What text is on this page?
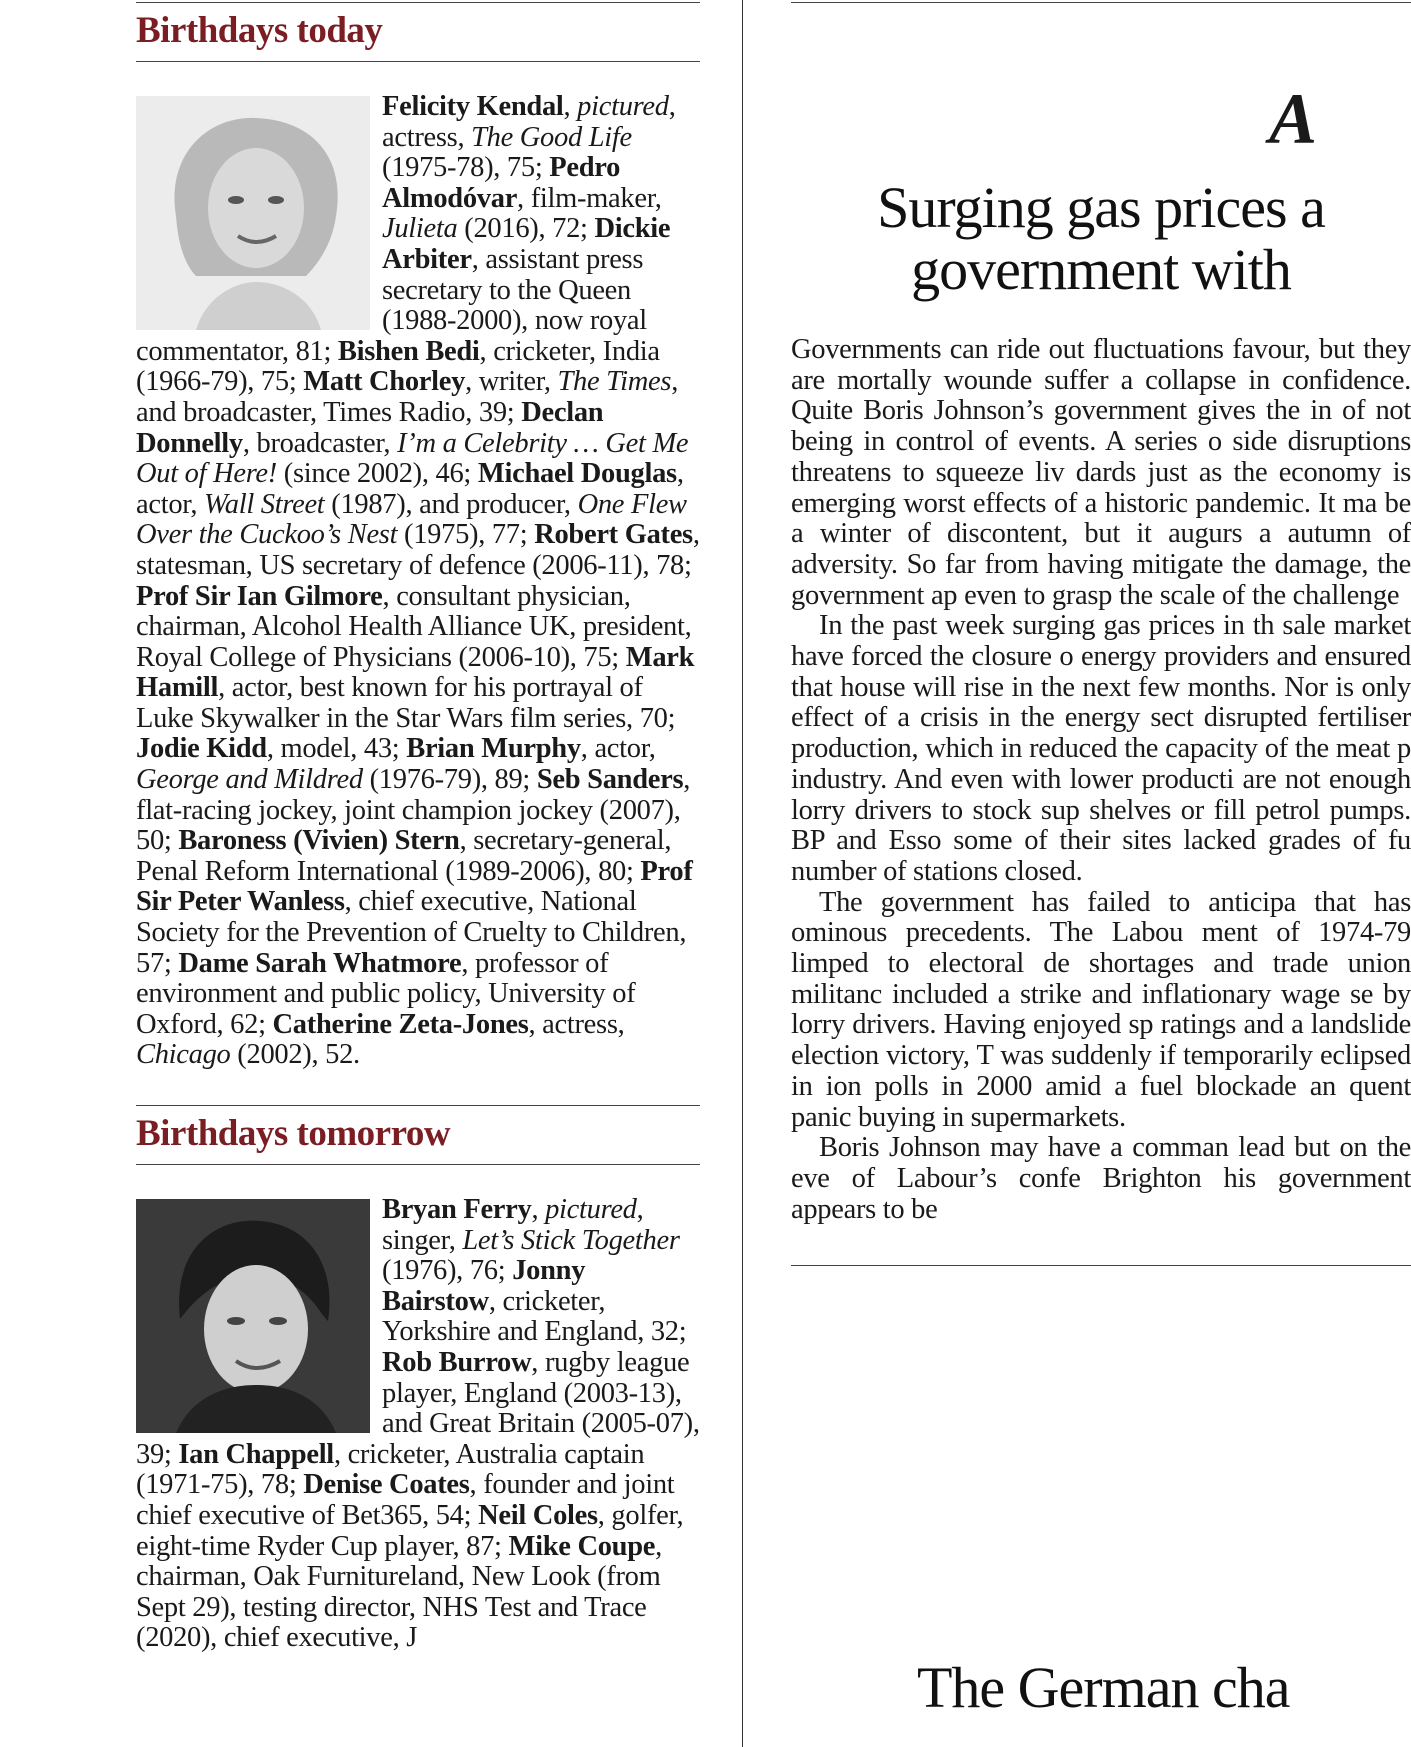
Birthdays today
Felicity Kendal, pictured, actress, The Good Life (1975-78), 75; Pedro Almodóvar, film-maker, Julieta (2016), 72; Dickie Arbiter, assistant press secretary to the Queen (1988-2000), now royal commentator, 81; Bishen Bedi, cricketer, India (1966-79), 75; Matt Chorley, writer, The Times, and broadcaster, Times Radio, 39; Declan Donnelly, broadcaster, I’m a Celebrity … Get Me Out of Here! (since 2002), 46; Michael Douglas, actor, Wall Street (1987), and producer, One Flew Over the Cuckoo’s Nest (1975), 77; Robert Gates, statesman, US secretary of defence (2006-11), 78; Prof Sir Ian Gilmore, consultant physician, chairman, Alcohol Health Alliance UK, president, Royal College of Physicians (2006-10), 75; Mark Hamill, actor, best known for his portrayal of Luke Skywalker in the Star Wars film series, 70; Jodie Kidd, model, 43; Brian Murphy, actor, George and Mildred (1976-79), 89; Seb Sanders, flat-racing jockey, joint champion jockey (2007), 50; Baroness (Vivien) Stern, secretary-general, Penal Reform International (1989-2006), 80; Prof Sir Peter Wanless, chief executive, National Society for the Prevention of Cruelty to Children, 57; Dame Sarah Whatmore, professor of environment and public policy, University of Oxford, 62; Catherine Zeta-Jones, actress, Chicago (2002), 52.
Birthdays tomorrow
Bryan Ferry, pictured, singer, Let’s Stick Together (1976), 76; Jonny Bairstow, cricketer, Yorkshire and England, 32; Rob Burrow, rugby league player, England (2003-13), and Great Britain (2005-07), 39; Ian Chappell, cricketer, Australia captain (1971-75), 78; Denise Coates, founder and joint chief executive of Bet365, 54; Neil Coles, golfer, eight-time Ryder Cup player, 87; Mike Coupe, chairman, Oak Furnitureland, New Look (from Sept 29), testing director, NHS Test and Trace (2020), chief executive, J
A
Surging gas prices a government with

Governments can ride out fluctuations favour, but they are mortally wounde suffer a collapse in confidence. Quite Boris Johnson’s government gives the in of not being in control of events. A series o side disruptions threatens to squeeze liv dards just as the economy is emerging worst effects of a historic pandemic. It ma be a winter of discontent, but it augurs a autumn of adversity. So far from having mitigate the damage, the government ap even to grasp the scale of the challenge

In the past week surging gas prices in th sale market have forced the closure o energy providers and ensured that house will rise in the next few months. Nor is only effect of a crisis in the energy sect disrupted fertiliser production, which in reduced the capacity of the meat p industry. And even with lower producti are not enough lorry drivers to stock sup shelves or fill petrol pumps. BP and Esso some of their sites lacked grades of fu number of stations closed.

The government has failed to anticipa that has ominous precedents. The Labou ment of 1974-79 limped to electoral de shortages and trade union militanc included a strike and inflationary wage se by lorry drivers. Having enjoyed sp ratings and a landslide election victory, T was suddenly if temporarily eclipsed in ion polls in 2000 amid a fuel blockade an quent panic buying in supermarkets.

Boris Johnson may have a comman lead but on the eve of Labour’s confe Brighton his government appears to be

The German cha
